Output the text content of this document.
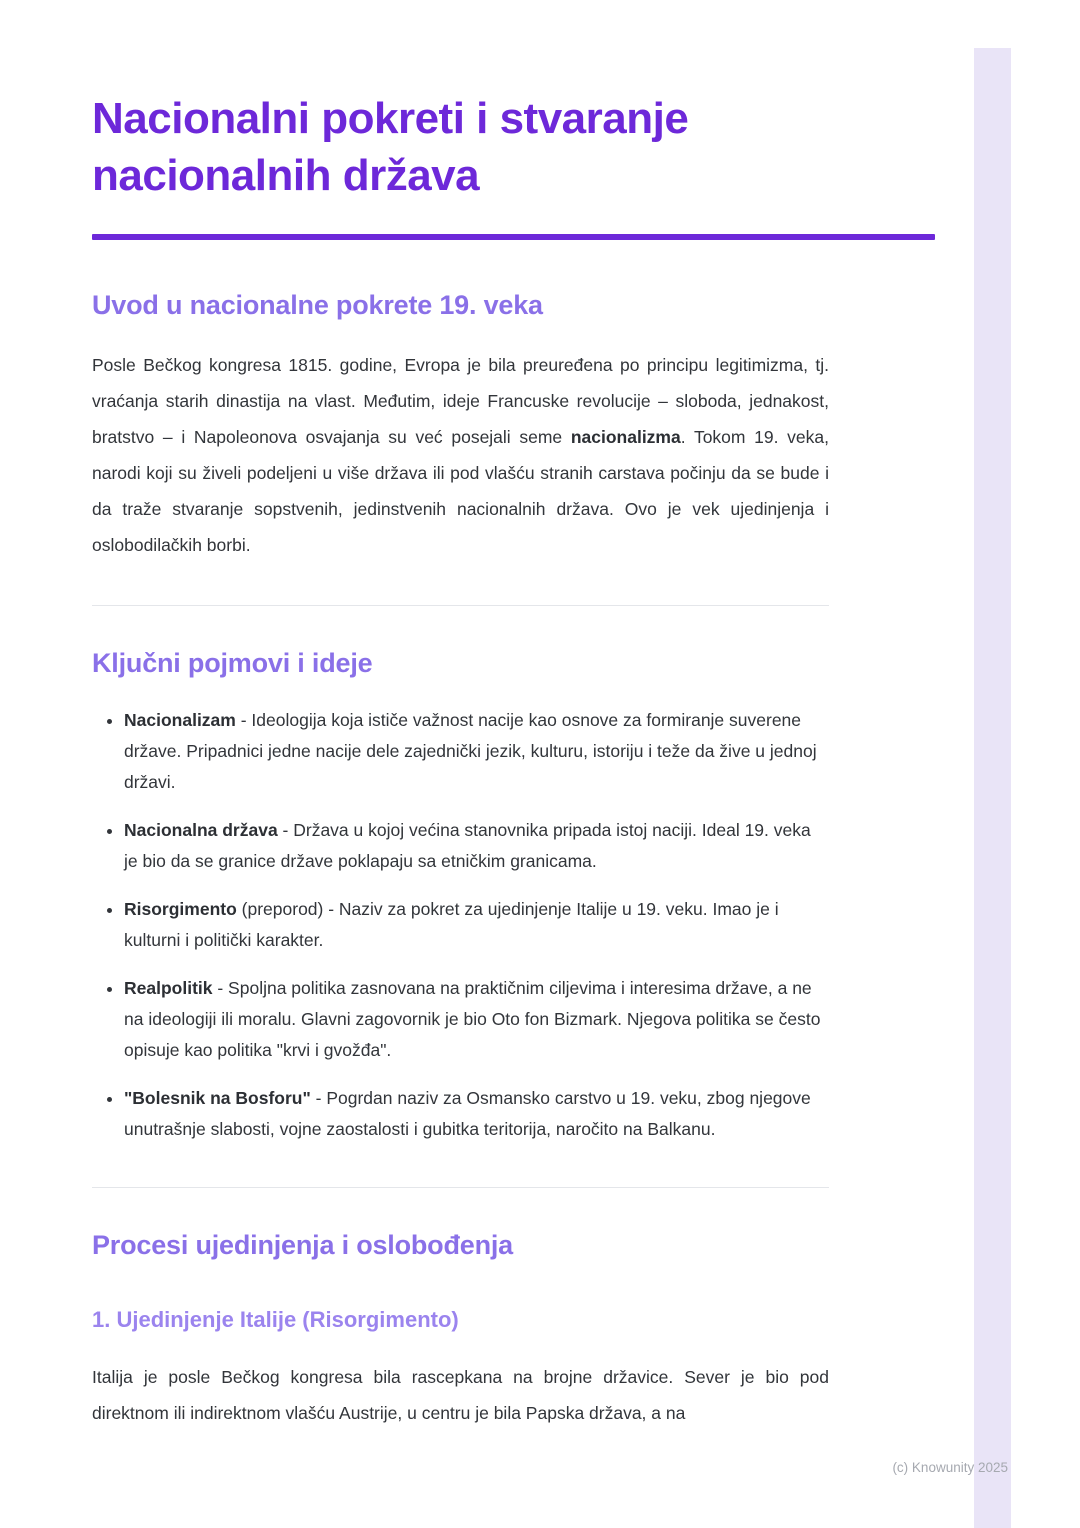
Nacionalni pokreti i stvaranje nacionalnih država
Uvod u nacionalne pokrete 19. veka

Posle Bečkog kongresa 1815. godine, Evropa je bila preuređena po principu legitimizma, tj. vraćanja starih dinastija na vlast. Međutim, ideje Francuske revolucije – sloboda, jednakost, bratstvo – i Napoleonova osvajanja su već posejali seme nacionalizma. Tokom 19. veka, narodi koji su živeli podeljeni u više država ili pod vlašću stranih carstava počinju da se bude i da traže stvaranje sopstvenih, jedinstvenih nacionalnih država. Ovo je vek ujedinjenja i oslobodilačkih borbi.

Ključni pojmovi i ideje
• Nacionalizam - Ideologija koja ističe važnost nacije kao osnove za formiranje suverene države. Pripadnici jedne nacije dele zajednički jezik, kulturu, istoriju i teže da žive u jednoj državi.
• Nacionalna država - Država u kojoj većina stanovnika pripada istoj naciji. Ideal 19. veka je bio da se granice države poklapaju sa etničkim granicama.
• Risorgimento (preporod) - Naziv za pokret za ujedinjenje Italije u 19. veku. Imao je i kulturni i politički karakter.
• Realpolitik - Spoljna politika zasnovana na praktičnim ciljevima i interesima države, a ne na ideologiji ili moralu. Glavni zagovornik je bio Oto fon Bizmark. Njegova politika se često opisuje kao politika "krvi i gvožđa".
• "Bolesnik na Bosforu" - Pogrdan naziv za Osmansko carstvo u 19. veku, zbog njegove unutrašnje slabosti, vojne zaostalosti i gubitka teritorija, naročito na Balkanu.
Procesi ujedinjenja i oslobođenja
1. Ujedinjenje Italije (Risorgimento)

Italija je posle Bečkog kongresa bila rascepkana na brojne državice. Sever je bio pod direktnom ili indirektnom vlašću Austrije, u centru je bila Papska država, a na

(c) Knowunity 2025
